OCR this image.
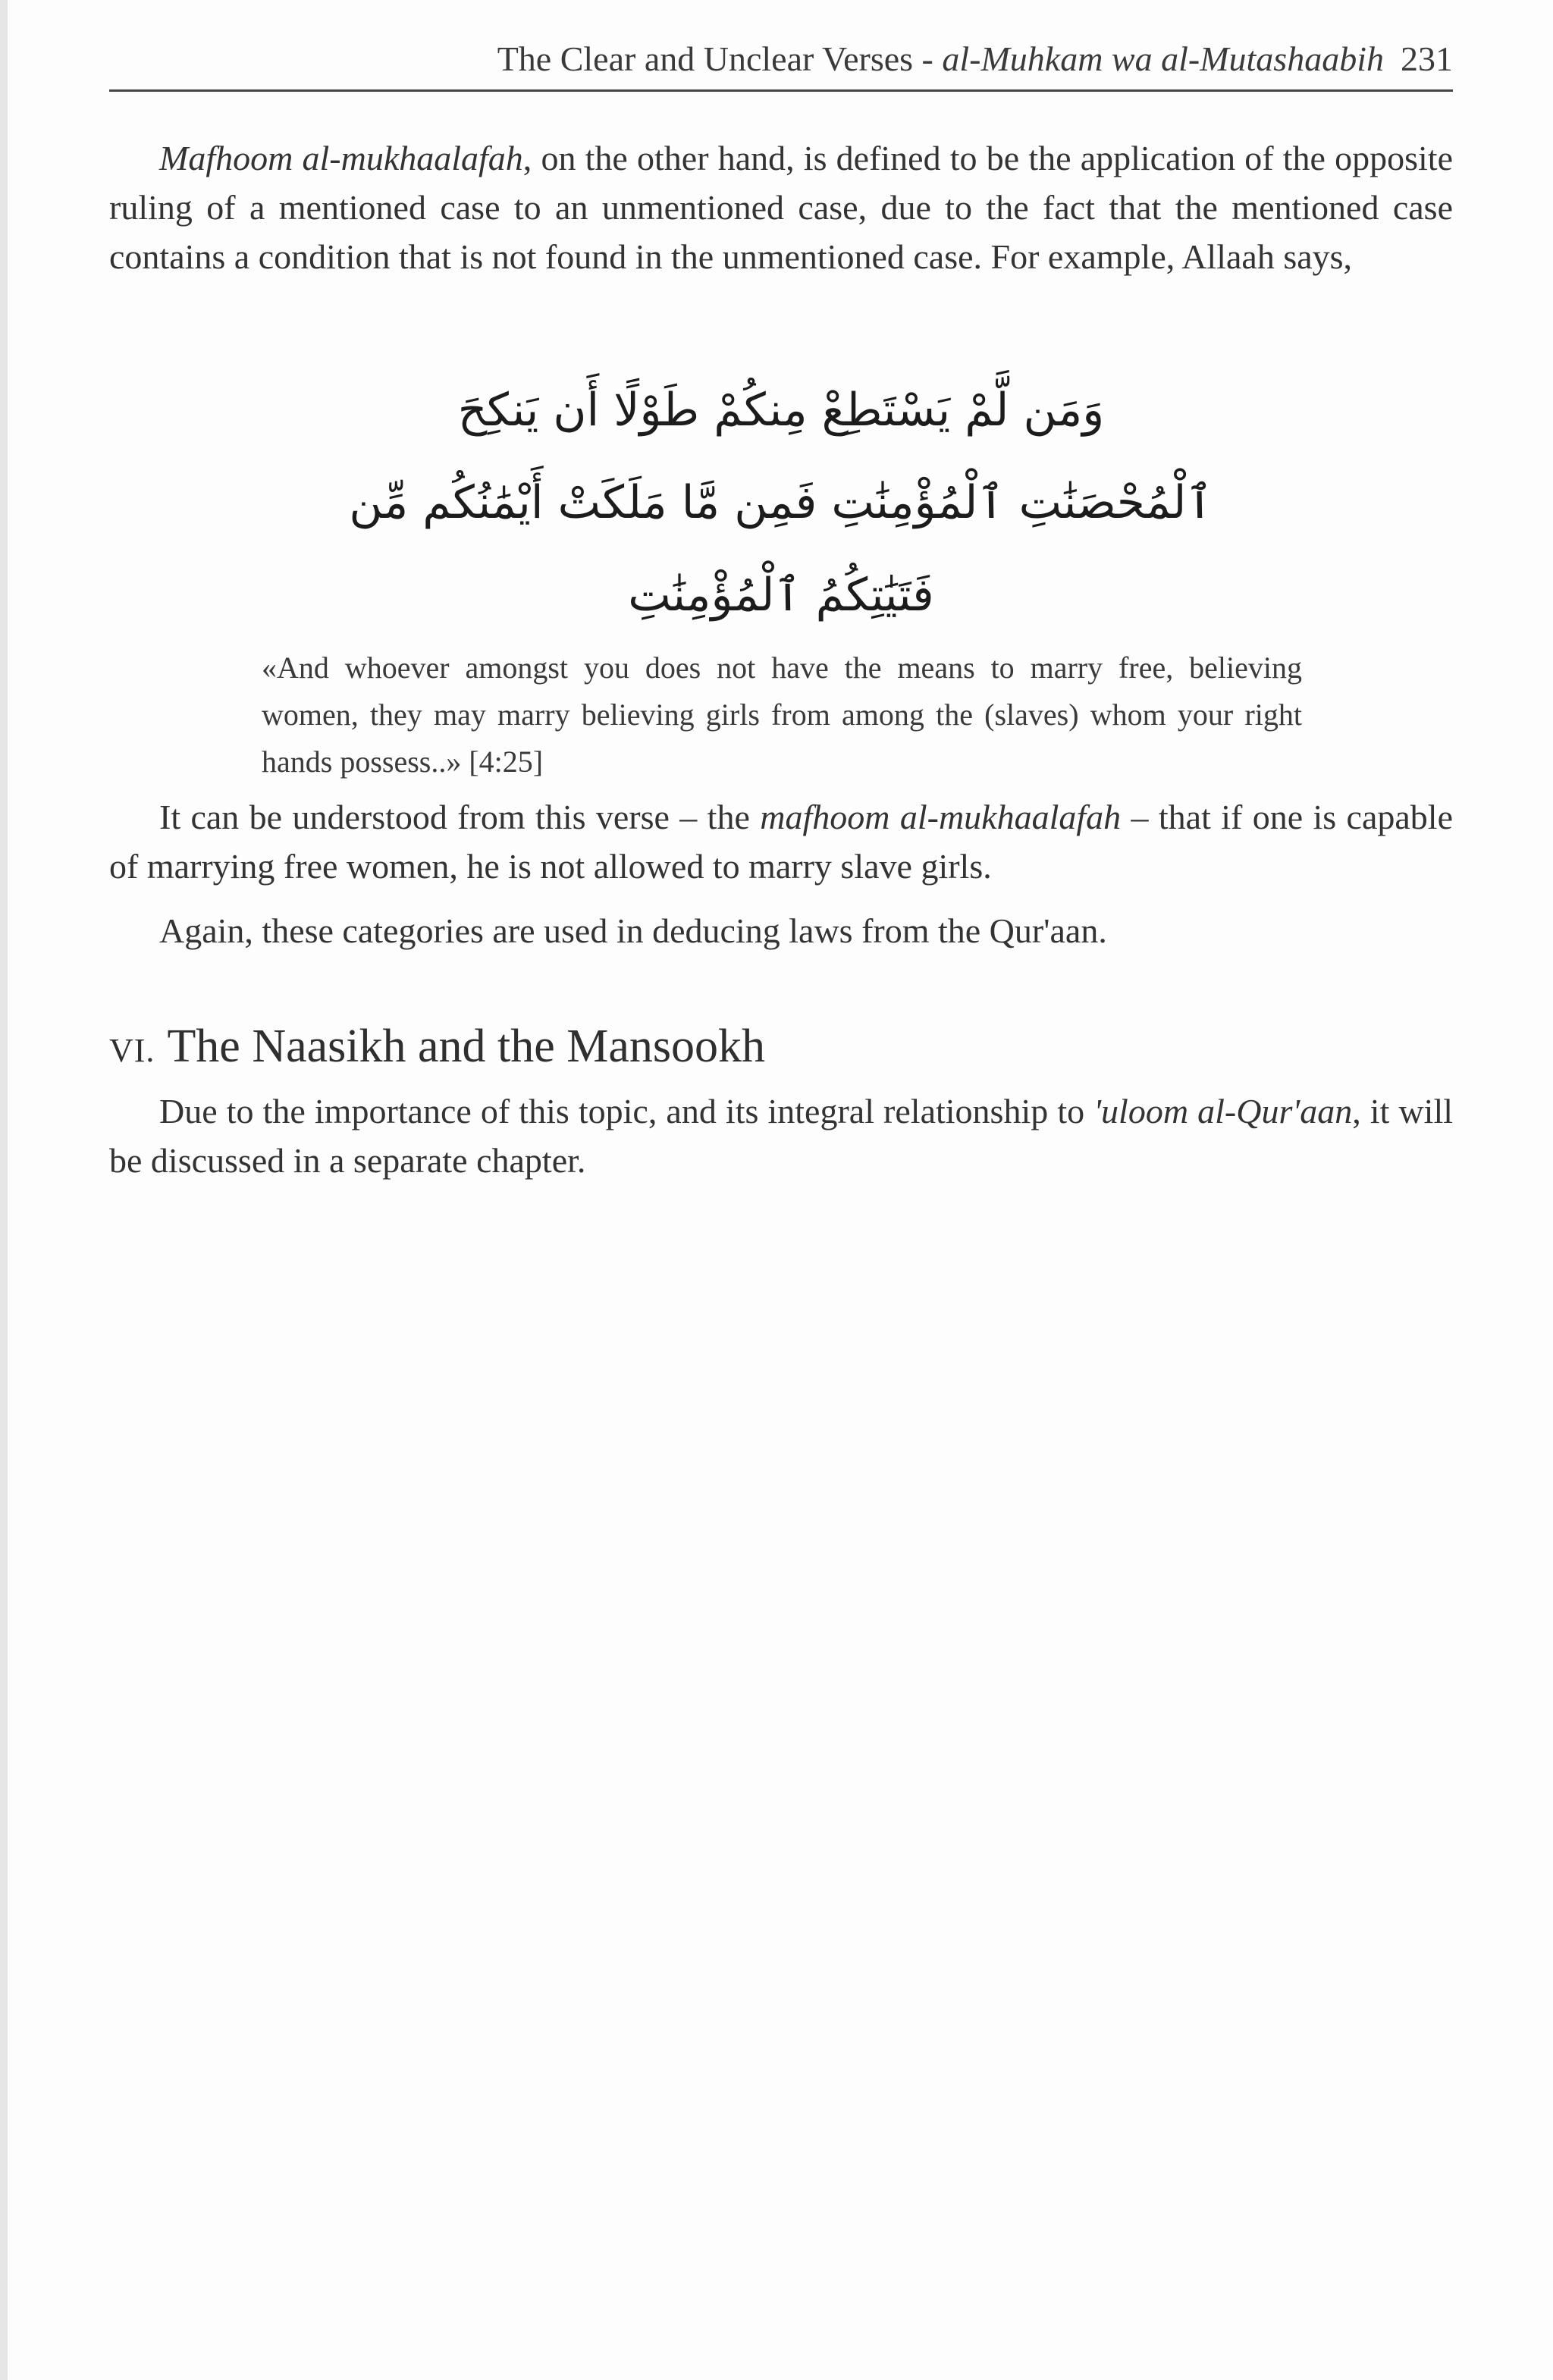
The Clear and Unclear Verses - al-Muhkam wa al-Mutashaabih 231

Mafhoom al-mukhaalafah, on the other hand, is defined to be the application of the opposite ruling of a mentioned case to an unmentioned case, due to the fact that the mentioned case contains a condition that is not found in the unmentioned case. For example, Allaah says,

وَمَن لَّمْ يَسْتَطِعْ مِنكُمْ طَوْلًا أَن يَنكِحَ
ٱلْمُحْصَنَٰتِ ٱلْمُؤْمِنَٰتِ فَمِن مَّا مَلَكَتْ أَيْمَٰنُكُم مِّن
فَتَيَٰتِكُمُ ٱلْمُؤْمِنَٰتِ

«And whoever amongst you does not have the means to marry free, believing women, they may marry believing girls from among the (slaves) whom your right hands possess..» [4:25]

It can be understood from this verse – the mafhoom al-mukhaalafah – that if one is capable of marrying free women, he is not allowed to marry slave girls.

Again, these categories are used in deducing laws from the Qur'aan.

VI. The Naasikh and the Mansookh

Due to the importance of this topic, and its integral relationship to 'uloom al-Qur'aan, it will be discussed in a separate chapter.
